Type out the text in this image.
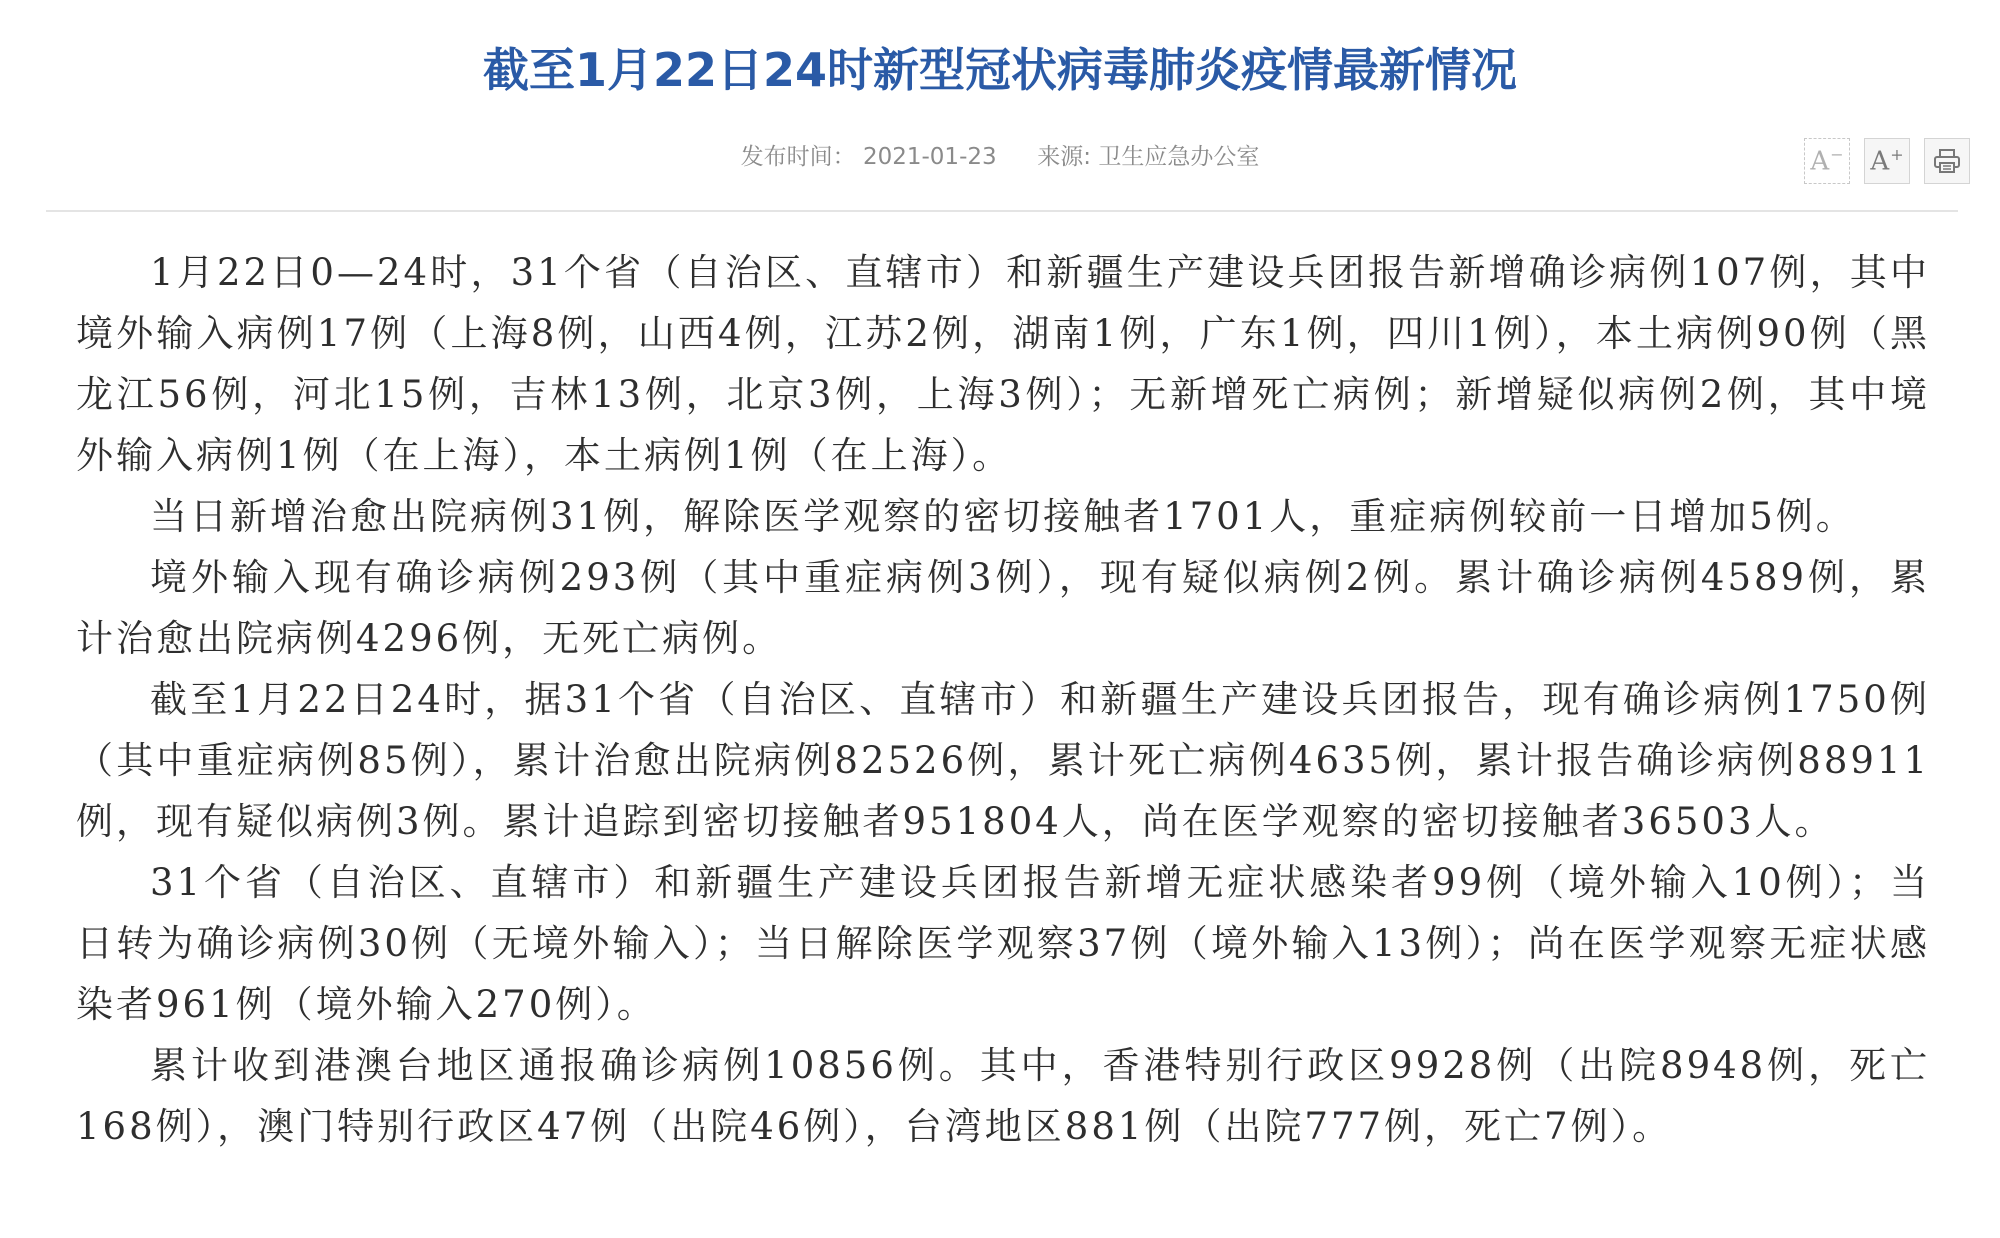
截至1月22日24时新型冠状病毒肺炎疫情最新情况
发布时间： 2021-01-23 来源: 卫生应急办公室	A− A+

1月22日0—24时，31个省（自治区、直辖市）和新疆生产建设兵团报告新增确诊病例107例，其中境外输入病例17例（上海8例，山西4例，江苏2例，湖南1例，广东1例，四川1例），本土病例90例（黑龙江56例，河北15例，吉林13例，北京3例，上海3例）；无新增死亡病例；新增疑似病例2例，其中境外输入病例1例（在上海），本土病例1例（在上海）。

当日新增治愈出院病例31例，解除医学观察的密切接触者1701人，重症病例较前一日增加5例。

境外输入现有确诊病例293例（其中重症病例3例），现有疑似病例2例。累计确诊病例4589例，累计治愈出院病例4296例，无死亡病例。

截至1月22日24时，据31个省（自治区、直辖市）和新疆生产建设兵团报告，现有确诊病例1750例（其中重症病例85例），累计治愈出院病例82526例，累计死亡病例4635例，累计报告确诊病例88911例，现有疑似病例3例。累计追踪到密切接触者951804人，尚在医学观察的密切接触者36503人。

31个省（自治区、直辖市）和新疆生产建设兵团报告新增无症状感染者99例（境外输入10例）；当日转为确诊病例30例（无境外输入）；当日解除医学观察37例（境外输入13例）；尚在医学观察无症状感染者961例（境外输入270例）。

累计收到港澳台地区通报确诊病例10856例。其中，香港特别行政区9928例（出院8948例，死亡168例），澳门特别行政区47例（出院46例），台湾地区881例（出院777例，死亡7例）。
